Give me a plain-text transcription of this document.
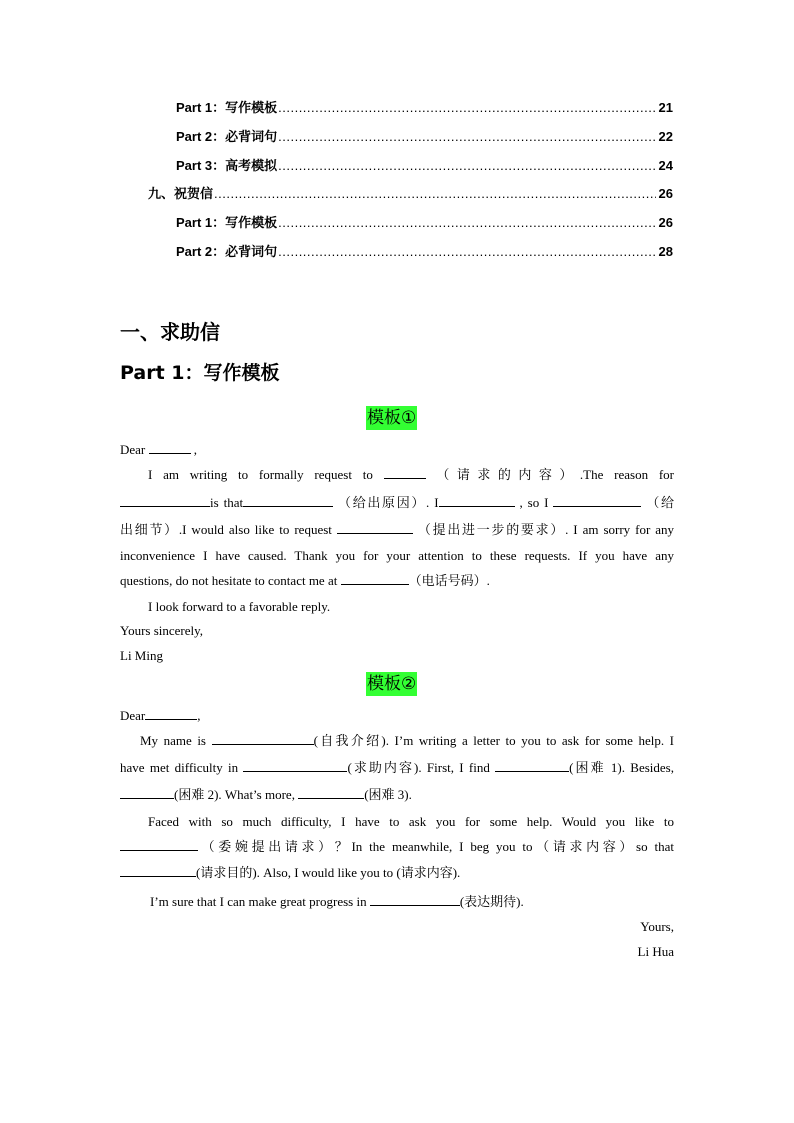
Part 1：写作模板 .....	21
Part 2：必背词句 .....	22
Part 3：高考模拟 .....	24
九、祝贺信 .....	26
Part 1：写作模板 .....	26
Part 2：必背词句 .....	28
一、求助信
Part 1：写作模板
模板①
Dear	,
I am writing to formally request to	（请求的内容）.The reason for
is that	（给出原因）. I	, so I	（给
出细节）.I would also like to request	（提出进一步的要求）. I am sorry for any
inconvenience I have caused. Thank you for your attention to these requests. If you have any
questions, do not hesitate to contact me at	（电话号码）.
I look forward to a favorable reply.
Yours sincerely,
Li Ming
模板②
Dear	,
My name is	(自我介绍). I’m writing a letter to you to ask for some help. I
have met difficulty in	(求助内容). First, I find	(困难 1). Besides,
(困难 2). What’s more,	(困难 3).
Faced with so much difficulty, I have to ask you for some help. Would you like to
（委婉提出请求）？In the meanwhile, I beg you to（请求内容）so that
(请求目的). Also, I would like you to (请求内容).
I’m sure that I can make great progress in	(表达期待).
Yours,
Li Hua
